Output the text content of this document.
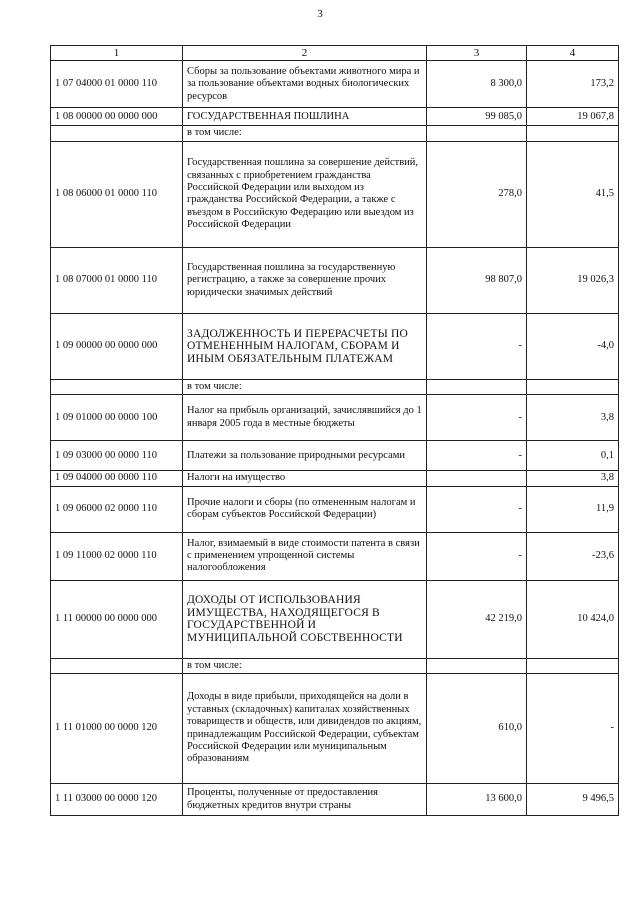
3
1	2	3	4
1 07 04000 01 0000 110	Сборы за пользование объектами животного мира и за пользование объектами водных биологических ресурсов	8 300,0	173,2
1 08 00000 00 0000 000	ГОСУДАРСТВЕННАЯ ПОШЛИНА	99 085,0	19 067,8
	в том числе:		
1 08 06000 01 0000 110	Государственная пошлина за совершение действий, связанных с приобретением гражданства Российской Федерации или выходом из гражданства Российской Федерации, а также с въездом в Российскую Федерацию или выездом из Российской Федерации	278,0	41,5
1 08 07000 01 0000 110	Государственная пошлина за государственную регистрацию, а также за совершение прочих юридически значимых действий	98 807,0	19 026,3
1 09 00000 00 0000 000	ЗАДОЛЖЕННОСТЬ И ПЕРЕРАСЧЕТЫ ПО ОТМЕНЕННЫМ НАЛОГАМ, СБОРАМ И ИНЫМ ОБЯЗАТЕЛЬНЫМ ПЛАТЕЖАМ	-	-4,0
	в том числе:		
1 09 01000 00 0000 100	Налог на прибыль организаций, зачислявшийся до 1 января 2005 года в местные бюджеты	-	3,8
1 09 03000 00 0000 110	Платежи за пользование природными ресурсами	-	0,1
1 09 04000 00 0000 110	Налоги на имущество		3,8
1 09 06000 02 0000 110	Прочие налоги и сборы (по отмененным налогам и сборам субъектов Российской Федерации)	-	11,9
1 09 11000 02 0000 110	Налог, взимаемый в виде стоимости патента в связи с применением упрощенной системы налогообложения	-	-23,6
1 11 00000 00 0000 000	ДОХОДЫ ОТ ИСПОЛЬЗОВАНИЯ ИМУЩЕСТВА, НАХОДЯЩЕГОСЯ В ГОСУДАРСТВЕННОЙ И МУНИЦИПАЛЬНОЙ СОБСТВЕННОСТИ	42 219,0	10 424,0
	в том числе:		
1 11 01000 00 0000 120	Доходы в виде прибыли, приходящейся на доли в уставных (складочных) капиталах хозяйственных товариществ и обществ, или дивидендов по акциям, принадлежащим Российской Федерации, субъектам Российской Федерации или муниципальным образованиям	610,0	-
1 11 03000 00 0000 120	Проценты, полученные от предоставления бюджетных кредитов внутри страны	13 600,0	9 496,5
